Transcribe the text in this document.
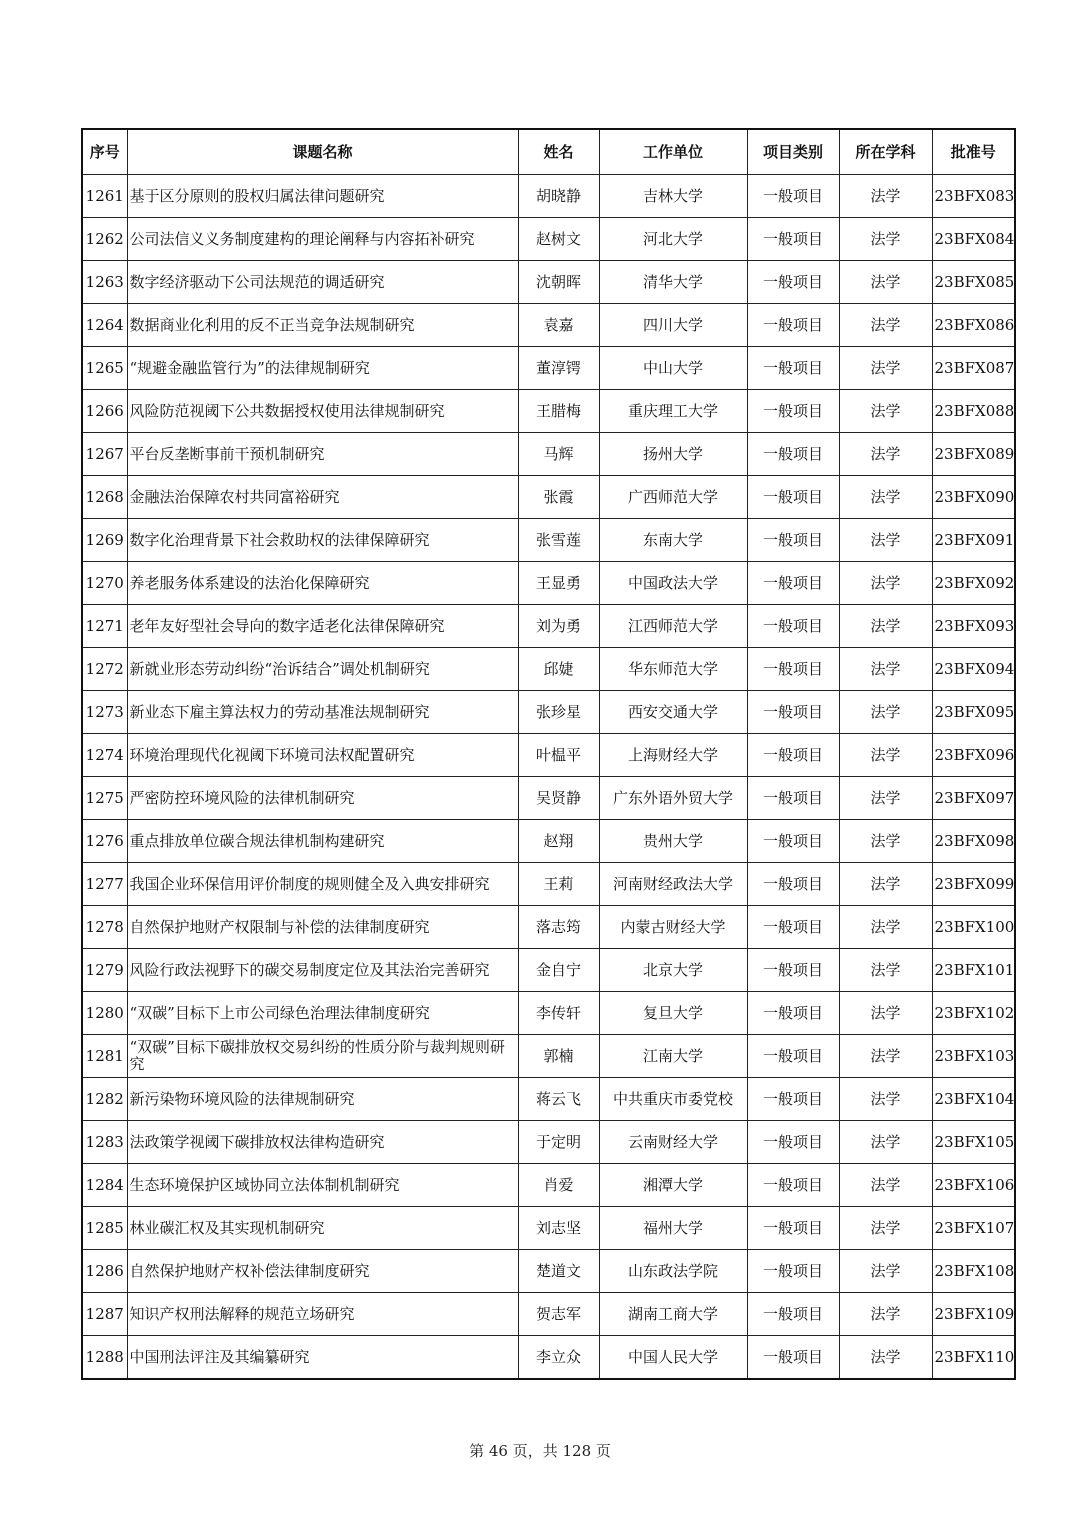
序号	课题名称	姓名	工作单位	项目类别	所在学科	批准号
1261	基于区分原则的股权归属法律问题研究	胡晓静	吉林大学	一般项目	法学	23BFX083
1262	公司法信义义务制度建构的理论阐释与内容拓补研究	赵树文	河北大学	一般项目	法学	23BFX084
1263	数字经济驱动下公司法规范的调适研究	沈朝晖	清华大学	一般项目	法学	23BFX085
1264	数据商业化利用的反不正当竞争法规制研究	袁嘉	四川大学	一般项目	法学	23BFX086
1265	“规避金融监管行为”的法律规制研究	董淳锷	中山大学	一般项目	法学	23BFX087
1266	风险防范视阈下公共数据授权使用法律规制研究	王腊梅	重庆理工大学	一般项目	法学	23BFX088
1267	平台反垄断事前干预机制研究	马辉	扬州大学	一般项目	法学	23BFX089
1268	金融法治保障农村共同富裕研究	张霞	广西师范大学	一般项目	法学	23BFX090
1269	数字化治理背景下社会救助权的法律保障研究	张雪莲	东南大学	一般项目	法学	23BFX091
1270	养老服务体系建设的法治化保障研究	王显勇	中国政法大学	一般项目	法学	23BFX092
1271	老年友好型社会导向的数字适老化法律保障研究	刘为勇	江西师范大学	一般项目	法学	23BFX093
1272	新就业形态劳动纠纷“治诉结合”调处机制研究	邱婕	华东师范大学	一般项目	法学	23BFX094
1273	新业态下雇主算法权力的劳动基准法规制研究	张珍星	西安交通大学	一般项目	法学	23BFX095
1274	环境治理现代化视阈下环境司法权配置研究	叶榅平	上海财经大学	一般项目	法学	23BFX096
1275	严密防控环境风险的法律机制研究	吴贤静	广东外语外贸大学	一般项目	法学	23BFX097
1276	重点排放单位碳合规法律机制构建研究	赵翔	贵州大学	一般项目	法学	23BFX098
1277	我国企业环保信用评价制度的规则健全及入典安排研究	王莉	河南财经政法大学	一般项目	法学	23BFX099
1278	自然保护地财产权限制与补偿的法律制度研究	落志筠	内蒙古财经大学	一般项目	法学	23BFX100
1279	风险行政法视野下的碳交易制度定位及其法治完善研究	金自宁	北京大学	一般项目	法学	23BFX101
1280	“双碳”目标下上市公司绿色治理法律制度研究	李传轩	复旦大学	一般项目	法学	23BFX102
1281	“双碳”目标下碳排放权交易纠纷的性质分阶与裁判规则研究	郭楠	江南大学	一般项目	法学	23BFX103
1282	新污染物环境风险的法律规制研究	蒋云飞	中共重庆市委党校	一般项目	法学	23BFX104
1283	法政策学视阈下碳排放权法律构造研究	于定明	云南财经大学	一般项目	法学	23BFX105
1284	生态环境保护区域协同立法体制机制研究	肖爱	湘潭大学	一般项目	法学	23BFX106
1285	林业碳汇权及其实现机制研究	刘志坚	福州大学	一般项目	法学	23BFX107
1286	自然保护地财产权补偿法律制度研究	楚道文	山东政法学院	一般项目	法学	23BFX108
1287	知识产权刑法解释的规范立场研究	贺志军	湖南工商大学	一般项目	法学	23BFX109
1288	中国刑法评注及其编纂研究	李立众	中国人民大学	一般项目	法学	23BFX110
第 46 页，共 128 页
